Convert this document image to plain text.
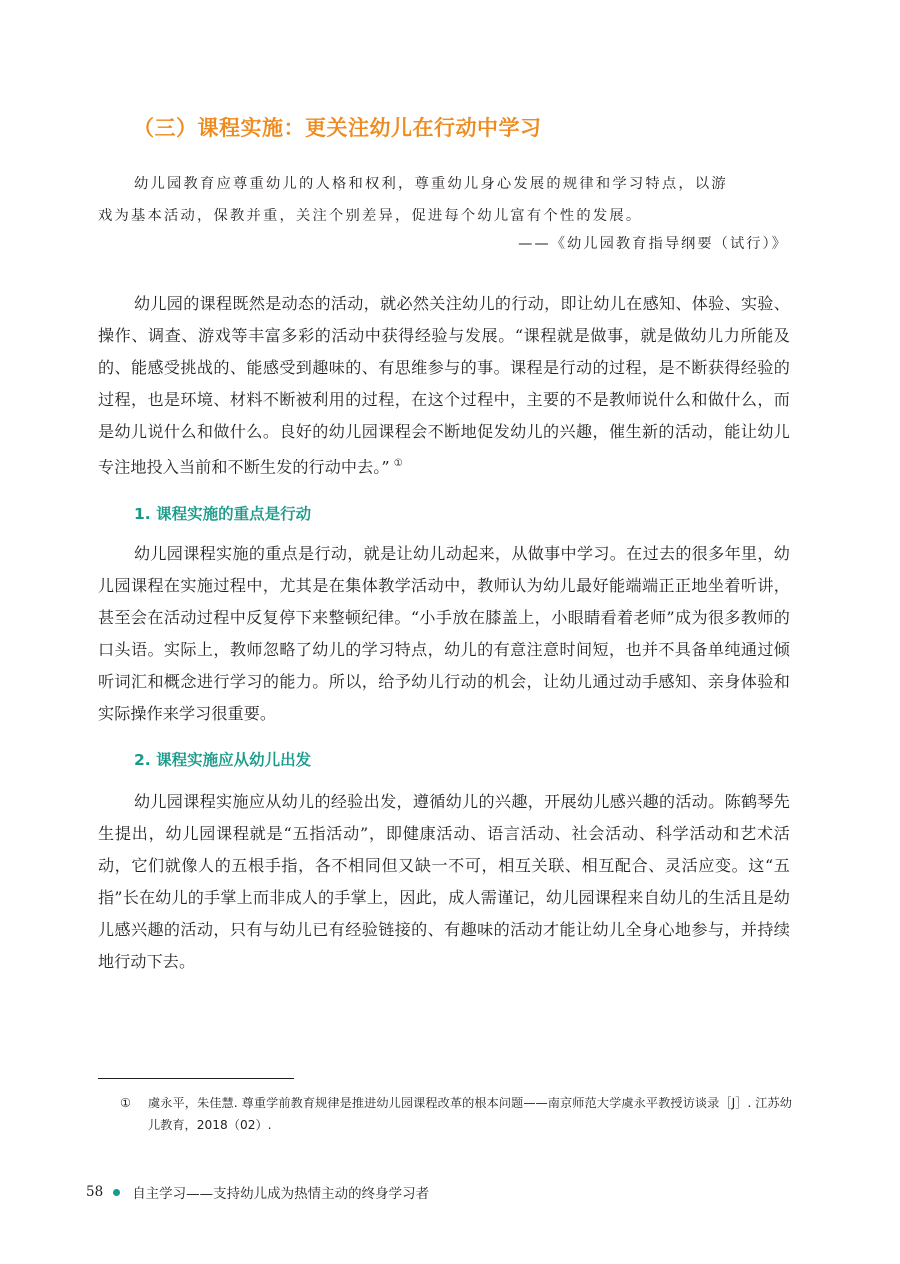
（三）课程实施：更关注幼儿在行动中学习

幼儿园教育应尊重幼儿的人格和权利，尊重幼儿身心发展的规律和学习特点，以游

戏为基本活动，保教并重，关注个别差异，促进每个幼儿富有个性的发展。

——《幼儿园教育指导纲要（试行）》

幼儿园的课程既然是动态的活动，就必然关注幼儿的行动，即让幼儿在感知、体验、实验、操作、调查、游戏等丰富多彩的活动中获得经验与发展。“课程就是做事，就是做幼儿力所能及的、能感受挑战的、能感受到趣味的、有思维参与的事。课程是行动的过程，是不断获得经验的过程，也是环境、材料不断被利用的过程，在这个过程中，主要的不是教师说什么和做什么，而是幼儿说什么和做什么。良好的幼儿园课程会不断地促发幼儿的兴趣，催生新的活动，能让幼儿专注地投入当前和不断生发的行动中去。” ①

1. 课程实施的重点是行动

幼儿园课程实施的重点是行动，就是让幼儿动起来，从做事中学习。在过去的很多年里，幼儿园课程在实施过程中，尤其是在集体教学活动中，教师认为幼儿最好能端端正正地坐着听讲，甚至会在活动过程中反复停下来整顿纪律。“小手放在膝盖上，小眼睛看着老师”成为很多教师的口头语。实际上，教师忽略了幼儿的学习特点，幼儿的有意注意时间短，也并不具备单纯通过倾听词汇和概念进行学习的能力。所以，给予幼儿行动的机会，让幼儿通过动手感知、亲身体验和实际操作来学习很重要。

2. 课程实施应从幼儿出发

幼儿园课程实施应从幼儿的经验出发，遵循幼儿的兴趣，开展幼儿感兴趣的活动。陈鹤琴先生提出，幼儿园课程就是“五指活动”，即健康活动、语言活动、社会活动、科学活动和艺术活动，它们就像人的五根手指，各不相同但又缺一不可，相互关联、相互配合、灵活应变。这“五指”长在幼儿的手掌上而非成人的手掌上，因此，成人需谨记，幼儿园课程来自幼儿的生活且是幼儿感兴趣的活动，只有与幼儿已有经验链接的、有趣味的活动才能让幼儿全身心地参与，并持续地行动下去。

① 虞永平，朱佳慧. 尊重学前教育规律是推进幼儿园课程改革的根本问题——南京师范大学虞永平教授访谈录［J］. 江苏幼儿教育，2018（02）.
58 自主学习——支持幼儿成为热情主动的终身学习者
